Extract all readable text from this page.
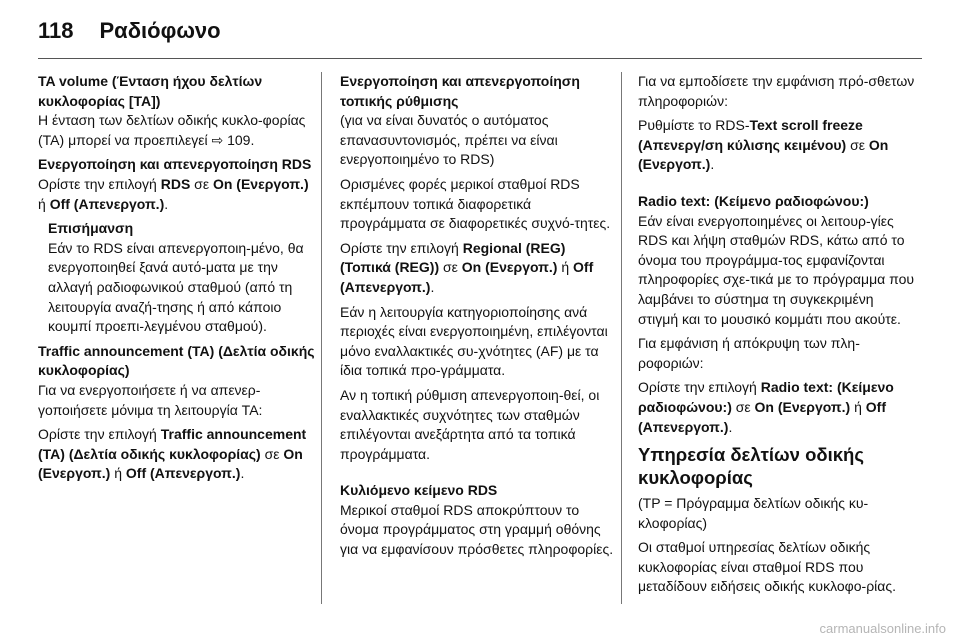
118 Ραδιόφωνο

TA volume (Ένταση ήχου δελτίων κυκλοφορίας [TA])

Η ένταση των δελτίων οδικής κυκλο-φορίας (TA) μπορεί να προεπιλεγεί ⇨ 109.

Ενεργοποίηση και απενεργοποίηση RDS

Ορίστε την επιλογή RDS σε On (Ενεργοπ.) ή Off (Απενεργοπ.).

Επισήμανση
Εάν το RDS είναι απενεργοποιη-μένο, θα ενεργοποιηθεί ξανά αυτό-ματα με την αλλαγή ραδιοφωνικού σταθμού (από τη λειτουργία αναζή-τησης ή από κάποιο κουμπί προεπι-λεγμένου σταθμού).

Traffic announcement (TA) (Δελτία οδικής κυκλοφορίας)

Για να ενεργοποιήσετε ή να απενερ-γοποιήσετε μόνιμα τη λειτουργία TA:

Ορίστε την επιλογή Traffic announcement (TA) (Δελτία οδικής κυκλοφορίας) σε On (Ενεργοπ.) ή Off (Απενεργοπ.).

Ενεργοποίηση και απενεργοποίηση τοπικής ρύθμισης

(για να είναι δυνατός ο αυτόματος επανασυντονισμός, πρέπει να είναι ενεργοποιημένο το RDS)

Ορισμένες φορές μερικοί σταθμοί RDS εκπέμπουν τοπικά διαφορετικά προγράμματα σε διαφορετικές συχνό-τητες.

Ορίστε την επιλογή Regional (REG) (Τοπικά (REG)) σε On (Ενεργοπ.) ή Off (Απενεργοπ.).

Εάν η λειτουργία κατηγοριοποίησης ανά περιοχές είναι ενεργοποιημένη, επιλέγονται μόνο εναλλακτικές συ-χνότητες (AF) με τα ίδια τοπικά προ-γράμματα.

Αν η τοπική ρύθμιση απενεργοποιη-θεί, οι εναλλακτικές συχνότητες των σταθμών επιλέγονται ανεξάρτητα από τα τοπικά προγράμματα.

Κυλιόμενο κείμενο RDS

Μερικοί σταθμοί RDS αποκρύπτουν το όνομα προγράμματος στη γραμμή οθόνης για να εμφανίσουν πρόσθετες πληροφορίες.

Για να εμποδίσετε την εμφάνιση πρό-σθετων πληροφοριών:

Ρυθμίστε το RDS-Text scroll freeze (Απενεργ/ση κύλισης κειμένου) σε On (Ενεργοπ.).

Radio text: (Κείμενο ραδιοφώνου:)

Εάν είναι ενεργοποιημένες οι λειτουρ-γίες RDS και λήψη σταθμών RDS, κάτω από το όνομα του προγράμμα-τος εμφανίζονται πληροφορίες σχε-τικά με το πρόγραμμα που λαμβάνει το σύστημα τη συγκεκριμένη στιγμή και το μουσικό κομμάτι που ακούτε.

Για εμφάνιση ή απόκρυψη των πλη-ροφοριών:

Ορίστε την επιλογή Radio text: (Κείμενο ραδιοφώνου:) σε On (Ενεργοπ.) ή Off (Απενεργοπ.).

Υπηρεσία δελτίων οδικής κυκλοφορίας

(TP = Πρόγραμμα δελτίων οδικής κυ-κλοφορίας)

Οι σταθμοί υπηρεσίας δελτίων οδικής κυκλοφορίας είναι σταθμοί RDS που μεταδίδουν ειδήσεις οδικής κυκλοφο-ρίας.

carmanualsonline.info
